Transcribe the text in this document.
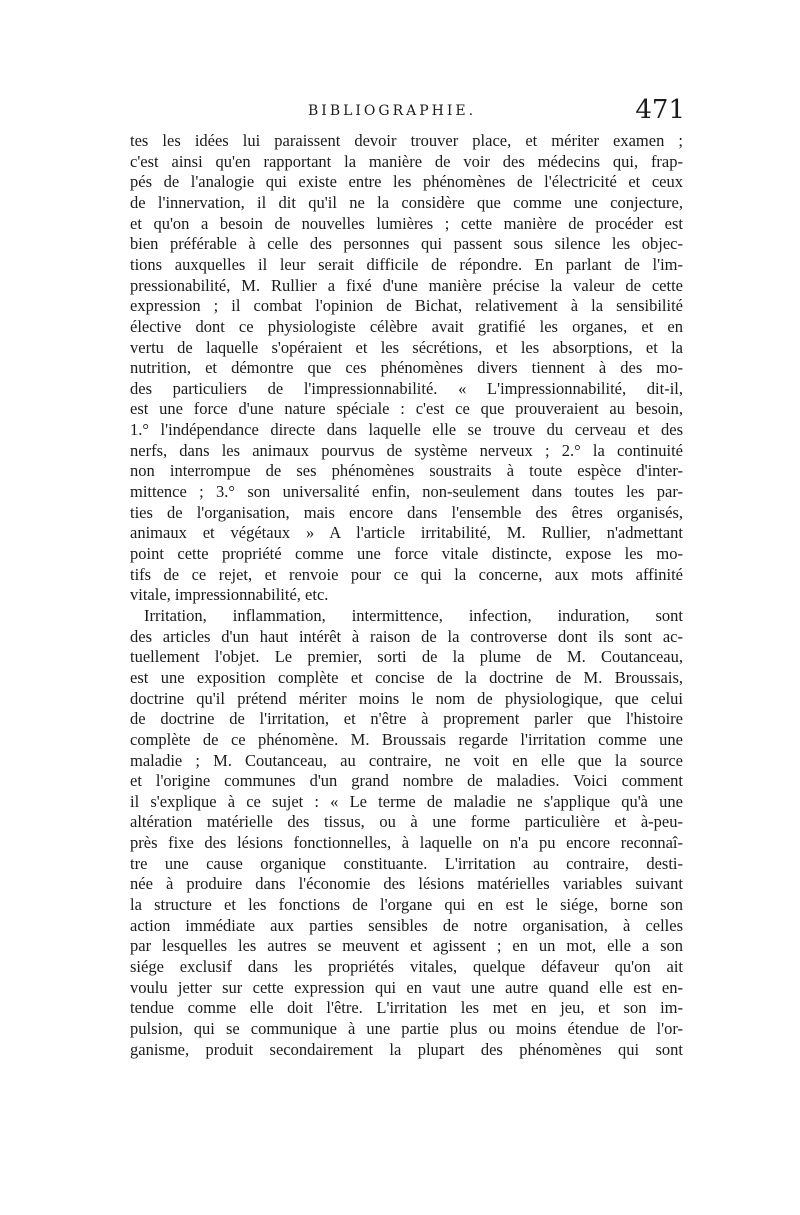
BIBLIOGRAPHIE.	471
tes les idées lui paraissent devoir trouver place, et mériter examen ;
c'est ainsi qu'en rapportant la manière de voir des médecins qui, frap-
pés de l'analogie qui existe entre les phénomènes de l'électricité et ceux
de l'innervation, il dit qu'il ne la considère que comme une conjecture,
et qu'on a besoin de nouvelles lumières ; cette manière de procéder est
bien préférable à celle des personnes qui passent sous silence les objec-
tions auxquelles il leur serait difficile de répondre. En parlant de l'im-
pressionabilité, M. Rullier a fixé d'une manière précise la valeur de cette
expression ; il combat l'opinion de Bichat, relativement à la sensibilité
élective dont ce physiologiste célèbre avait gratifié les organes, et en
vertu de laquelle s'opéraient et les sécrétions, et les absorptions, et la
nutrition, et démontre que ces phénomènes divers tiennent à des mo-
des particuliers de l'impressionnabilité. « L'impressionnabilité, dit-il,
est une force d'une nature spéciale : c'est ce que prouveraient au besoin,
1.° l'indépendance directe dans laquelle elle se trouve du cerveau et des
nerfs, dans les animaux pourvus de système nerveux ; 2.° la continuité
non interrompue de ses phénomènes soustraits à toute espèce d'inter-
mittence ; 3.° son universalité enfin, non-seulement dans toutes les par-
ties de l'organisation, mais encore dans l'ensemble des êtres organisés,
animaux et végétaux » A l'article irritabilité, M. Rullier, n'admettant
point cette propriété comme une force vitale distincte, expose les mo-
tifs de ce rejet, et renvoie pour ce qui la concerne, aux mots affinité
vitale, impressionnabilité, etc.
Irritation, inflammation, intermittence, infection, induration, sont
des articles d'un haut intérêt à raison de la controverse dont ils sont ac-
tuellement l'objet. Le premier, sorti de la plume de M. Coutanceau,
est une exposition complète et concise de la doctrine de M. Broussais,
doctrine qu'il prétend mériter moins le nom de physiologique, que celui
de doctrine de l'irritation, et n'être à proprement parler que l'histoire
complète de ce phénomène. M. Broussais regarde l'irritation comme une
maladie ; M. Coutanceau, au contraire, ne voit en elle que la source
et l'origine communes d'un grand nombre de maladies. Voici comment
il s'explique à ce sujet : « Le terme de maladie ne s'applique qu'à une
altération matérielle des tissus, ou à une forme particulière et à-peu-
près fixe des lésions fonctionnelles, à laquelle on n'a pu encore reconnaî-
tre une cause organique constituante. L'irritation au contraire, desti-
née à produire dans l'économie des lésions matérielles variables suivant
la structure et les fonctions de l'organe qui en est le siége, borne son
action immédiate aux parties sensibles de notre organisation, à celles
par lesquelles les autres se meuvent et agissent ; en un mot, elle a son
siége exclusif dans les propriétés vitales, quelque défaveur qu'on ait
voulu jetter sur cette expression qui en vaut une autre quand elle est en-
tendue comme elle doit l'être. L'irritation les met en jeu, et son im-
pulsion, qui se communique à une partie plus ou moins étendue de l'or-
ganisme, produit secondairement la plupart des phénomènes qui sont
